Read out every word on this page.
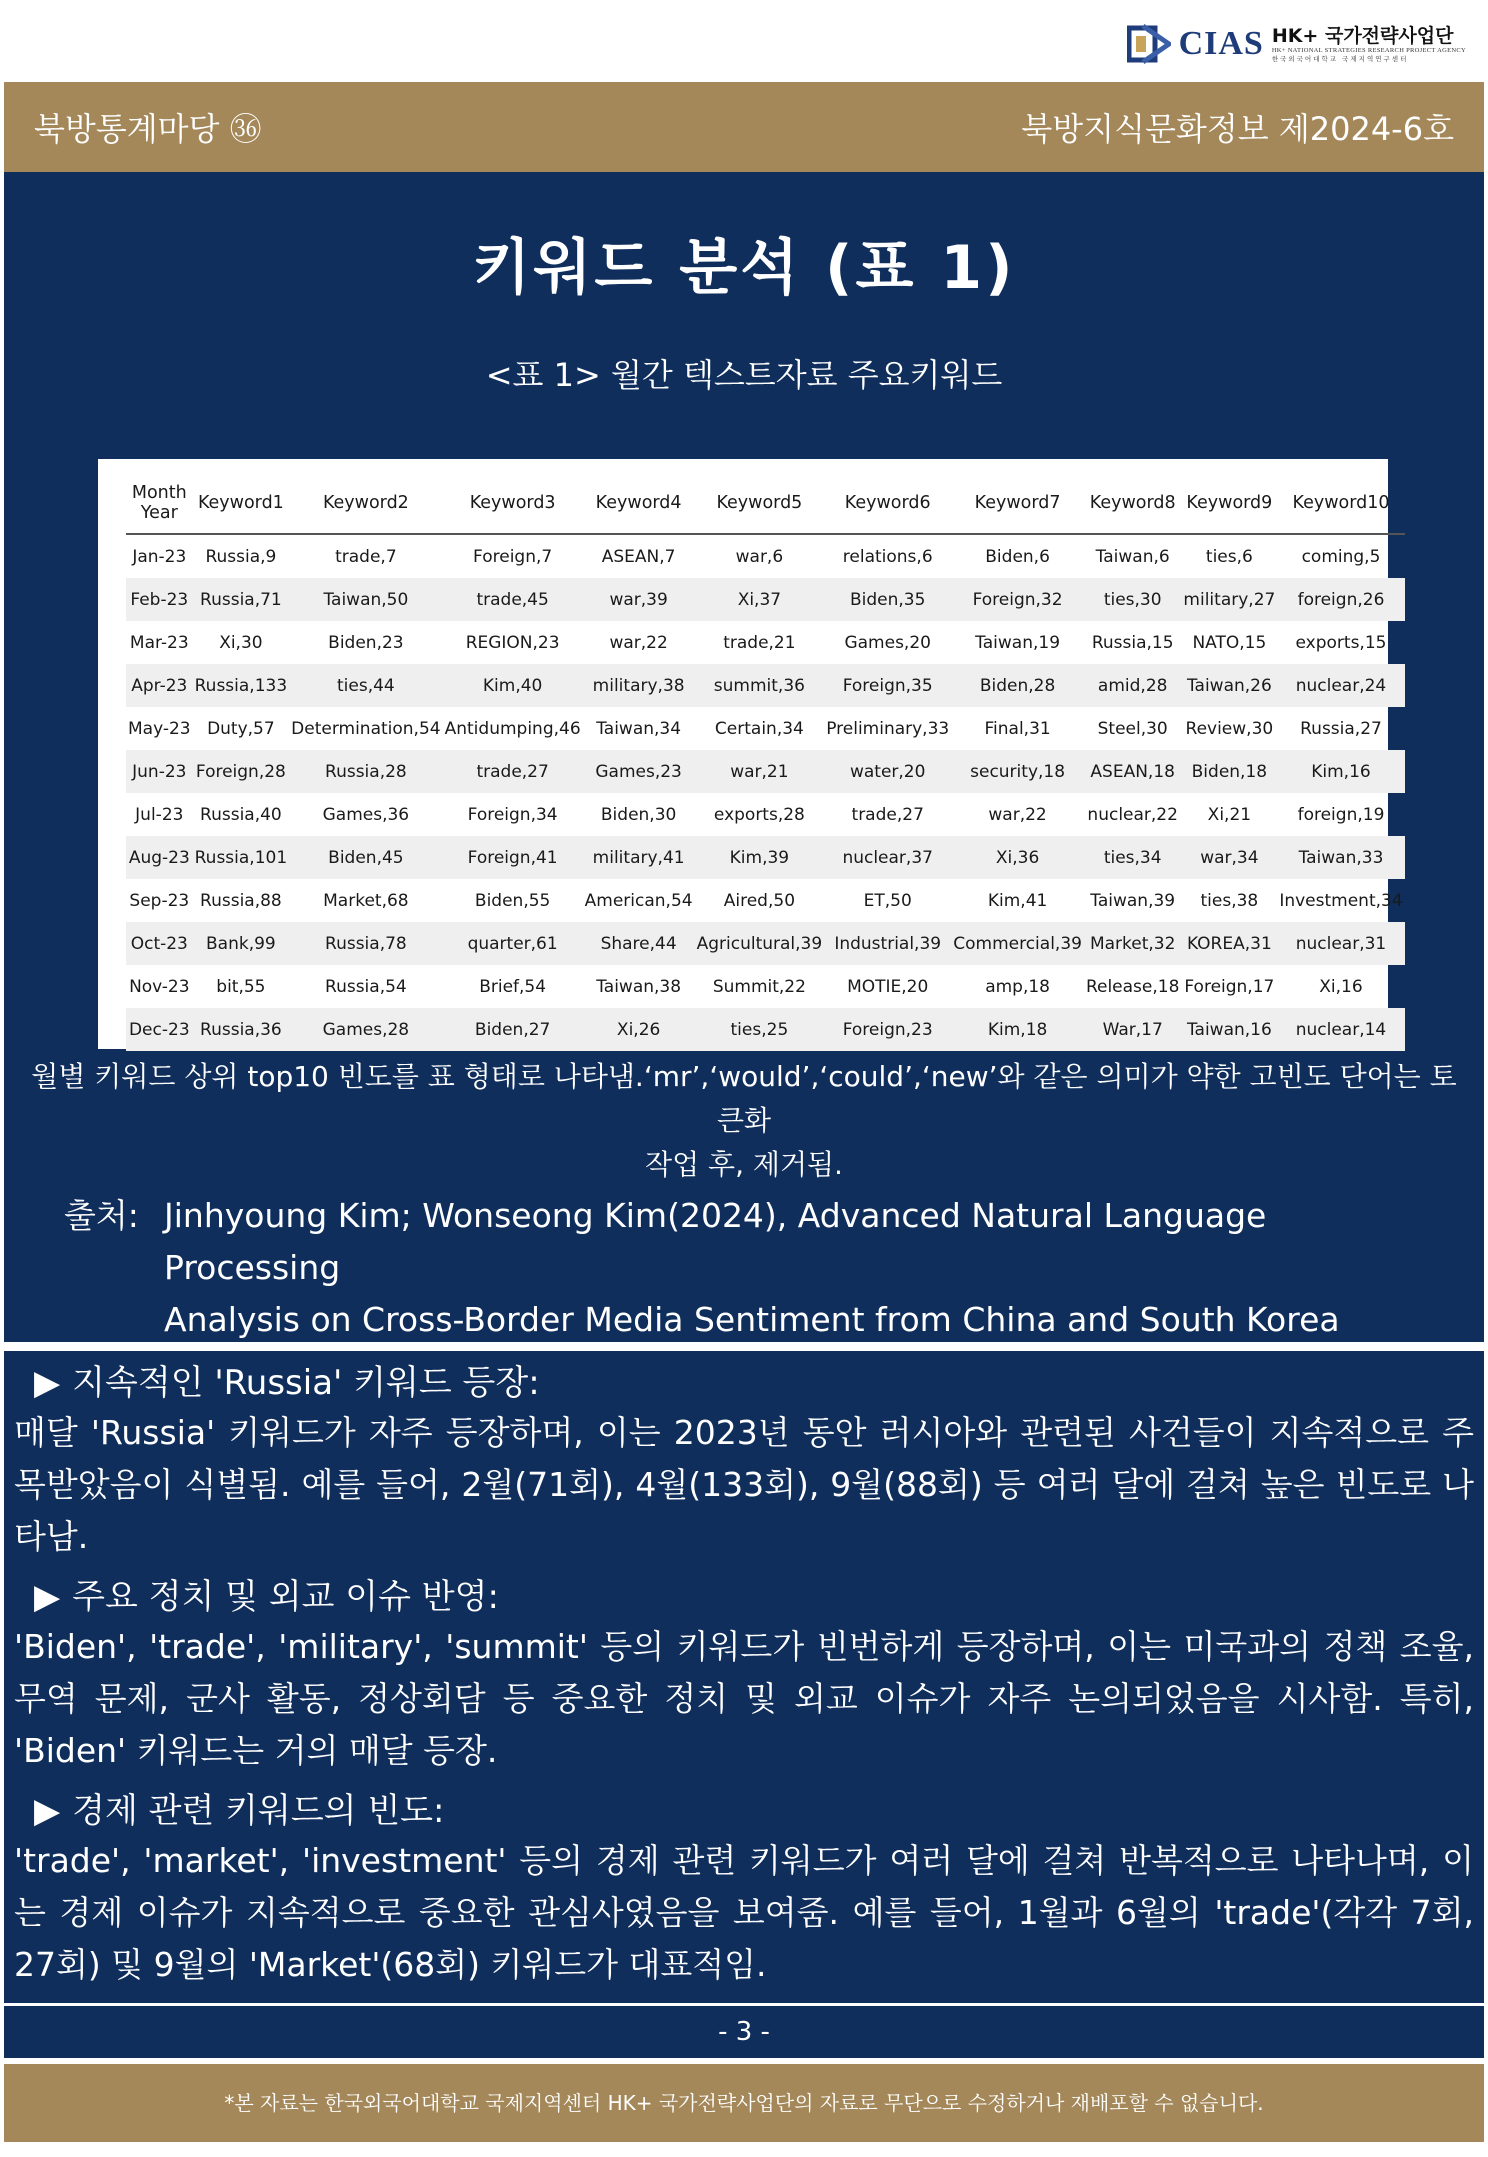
CIAS HK+ 국가전략사업단
HK+ NATIONAL STRATEGIES RESEARCH PROJECT AGENCY
한국외국어대학교 국제지역연구센터
북방통계마당 ㊱	북방지식문화정보 제2024-6호
키워드 분석 (표 1)
<표 1> 월간 텍스트자료 주요키워드
Month
Year	Keyword1	Keyword2	Keyword3	Keyword4	Keyword5	Keyword6	Keyword7	Keyword8	Keyword9	Keyword10
Jan-23	Russia,9	trade,7	Foreign,7	ASEAN,7	war,6	relations,6	Biden,6	Taiwan,6	ties,6	coming,5
Feb-23	Russia,71	Taiwan,50	trade,45	war,39	Xi,37	Biden,35	Foreign,32	ties,30	military,27	foreign,26
Mar-23	Xi,30	Biden,23	REGION,23	war,22	trade,21	Games,20	Taiwan,19	Russia,15	NATO,15	exports,15
Apr-23	Russia,133	ties,44	Kim,40	military,38	summit,36	Foreign,35	Biden,28	amid,28	Taiwan,26	nuclear,24
May-23	Duty,57	Determination,54	Antidumping,46	Taiwan,34	Certain,34	Preliminary,33	Final,31	Steel,30	Review,30	Russia,27
Jun-23	Foreign,28	Russia,28	trade,27	Games,23	war,21	water,20	security,18	ASEAN,18	Biden,18	Kim,16
Jul-23	Russia,40	Games,36	Foreign,34	Biden,30	exports,28	trade,27	war,22	nuclear,22	Xi,21	foreign,19
Aug-23	Russia,101	Biden,45	Foreign,41	military,41	Kim,39	nuclear,37	Xi,36	ties,34	war,34	Taiwan,33
Sep-23	Russia,88	Market,68	Biden,55	American,54	Aired,50	ET,50	Kim,41	Taiwan,39	ties,38	Investment,34
Oct-23	Bank,99	Russia,78	quarter,61	Share,44	Agricultural,39	Industrial,39	Commercial,39	Market,32	KOREA,31	nuclear,31
Nov-23	bit,55	Russia,54	Brief,54	Taiwan,38	Summit,22	MOTIE,20	amp,18	Release,18	Foreign,17	Xi,16
Dec-23	Russia,36	Games,28	Biden,27	Xi,26	ties,25	Foreign,23	Kim,18	War,17	Taiwan,16	nuclear,14
월별 키워드 상위 top10 빈도를 표 형태로 나타냄.‘mr’,‘would’,‘could’,‘new’와 같은 의미가 약한 고빈도 단어는 토큰화
작업 후, 제거됨.
출처: Jinhyoung Kim; Wonseong Kim(2024), Advanced Natural Language Processing
Analysis on Cross-Border Media Sentiment from China and South Korea
▶ 지속적인 'Russia' 키워드 등장:
매달 'Russia' 키워드가 자주 등장하며, 이는 2023년 동안 러시아와 관련된 사건들이 지속적으로 주목받았음이 식별됨. 예를 들어, 2월(71회), 4월(133회), 9월(88회) 등 여러 달에 걸쳐 높은 빈도로 나타남.
▶ 주요 정치 및 외교 이슈 반영:
'Biden', 'trade', 'military', 'summit' 등의 키워드가 빈번하게 등장하며, 이는 미국과의 정책 조율, 무역 문제, 군사 활동, 정상회담 등 중요한 정치 및 외교 이슈가 자주 논의되었음을 시사함. 특히, 'Biden' 키워드는 거의 매달 등장.
▶ 경제 관련 키워드의 빈도:
'trade', 'market', 'investment' 등의 경제 관련 키워드가 여러 달에 걸쳐 반복적으로 나타나며, 이는 경제 이슈가 지속적으로 중요한 관심사였음을 보여줌. 예를 들어, 1월과 6월의 'trade'(각각 7회, 27회) 및 9월의 'Market'(68회) 키워드가 대표적임.
- 3 -
*본 자료는 한국외국어대학교 국제지역센터 HK+ 국가전략사업단의 자료로 무단으로 수정하거나 재배포할 수 없습니다.
